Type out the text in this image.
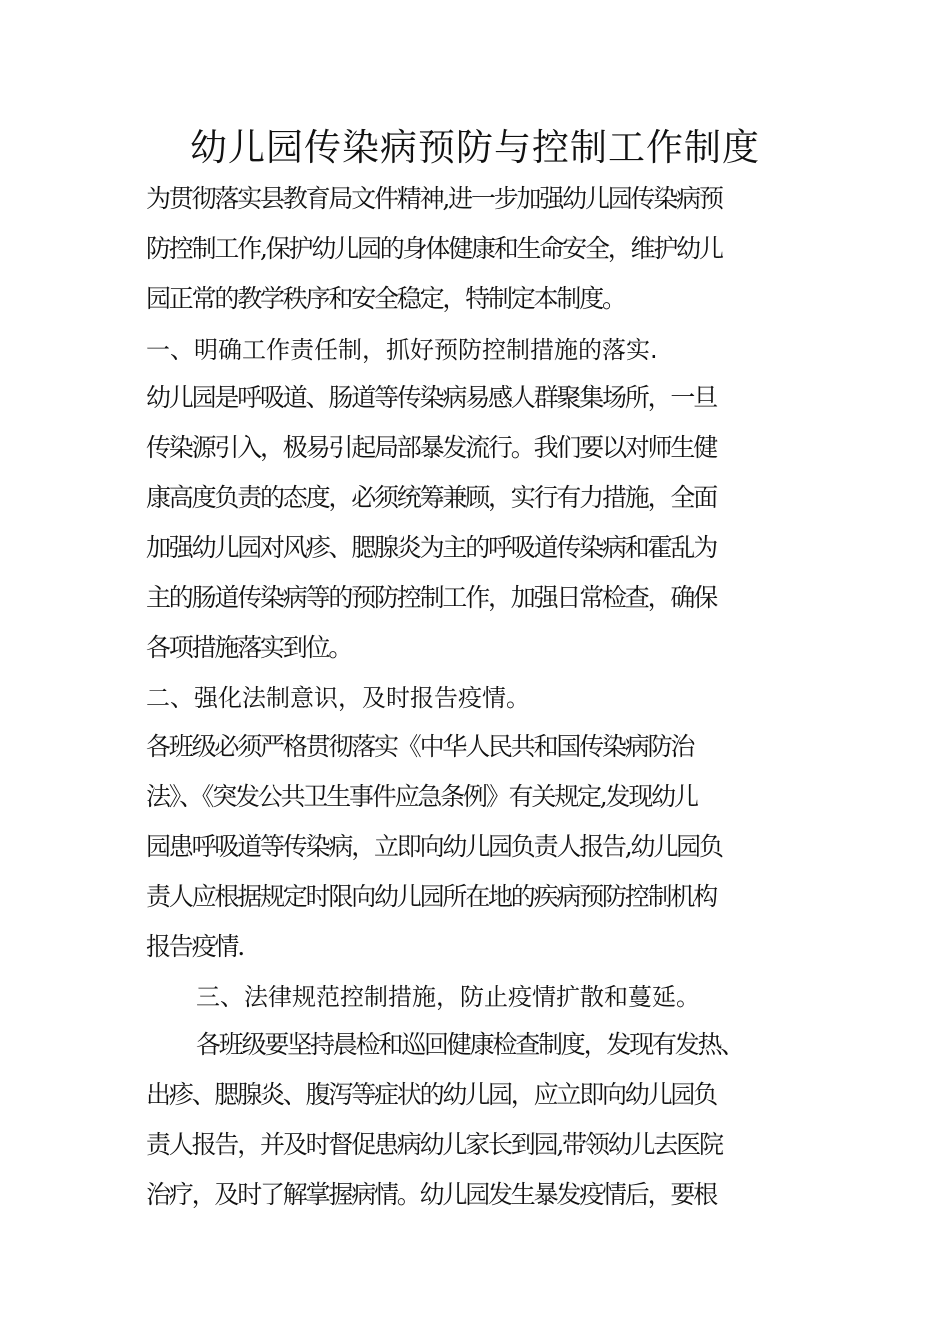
幼儿园传染病预防与控制工作制度
为贯彻落实县教育局文件精神,进一步加强幼儿园传染病预
防控制工作,保护幼儿园的身体健康和生命安全，维护幼儿
园正常的教学秩序和安全稳定，特制定本制度。
一、明确工作责任制，抓好预防控制措施的落实.
幼儿园是呼吸道、肠道等传染病易感人群聚集场所，一旦
传染源引入，极易引起局部暴发流行。我们要以对师生健
康高度负责的态度，必须统筹兼顾，实行有力措施，全面
加强幼儿园对风疹、腮腺炎为主的呼吸道传染病和霍乱为
主的肠道传染病等的预防控制工作，加强日常检查，确保
各项措施落实到位。
二、强化法制意识，及时报告疫情。
各班级必须严格贯彻落实《中华人民共和国传染病防治
法》、《突发公共卫生事件应急条例》有关规定,发现幼儿
园患呼吸道等传染病，立即向幼儿园负责人报告,幼儿园负
责人应根据规定时限向幼儿园所在地的疾病预防控制机构
报告疫情.
三、法律规范控制措施，防止疫情扩散和蔓延。
各班级要坚持晨检和巡回健康检查制度，发现有发热、
出疹、腮腺炎、腹泻等症状的幼儿园，应立即向幼儿园负
责人报告，并及时督促患病幼儿家长到园,带领幼儿去医院
治疗，及时了解掌握病情。幼儿园发生暴发疫情后，要根
